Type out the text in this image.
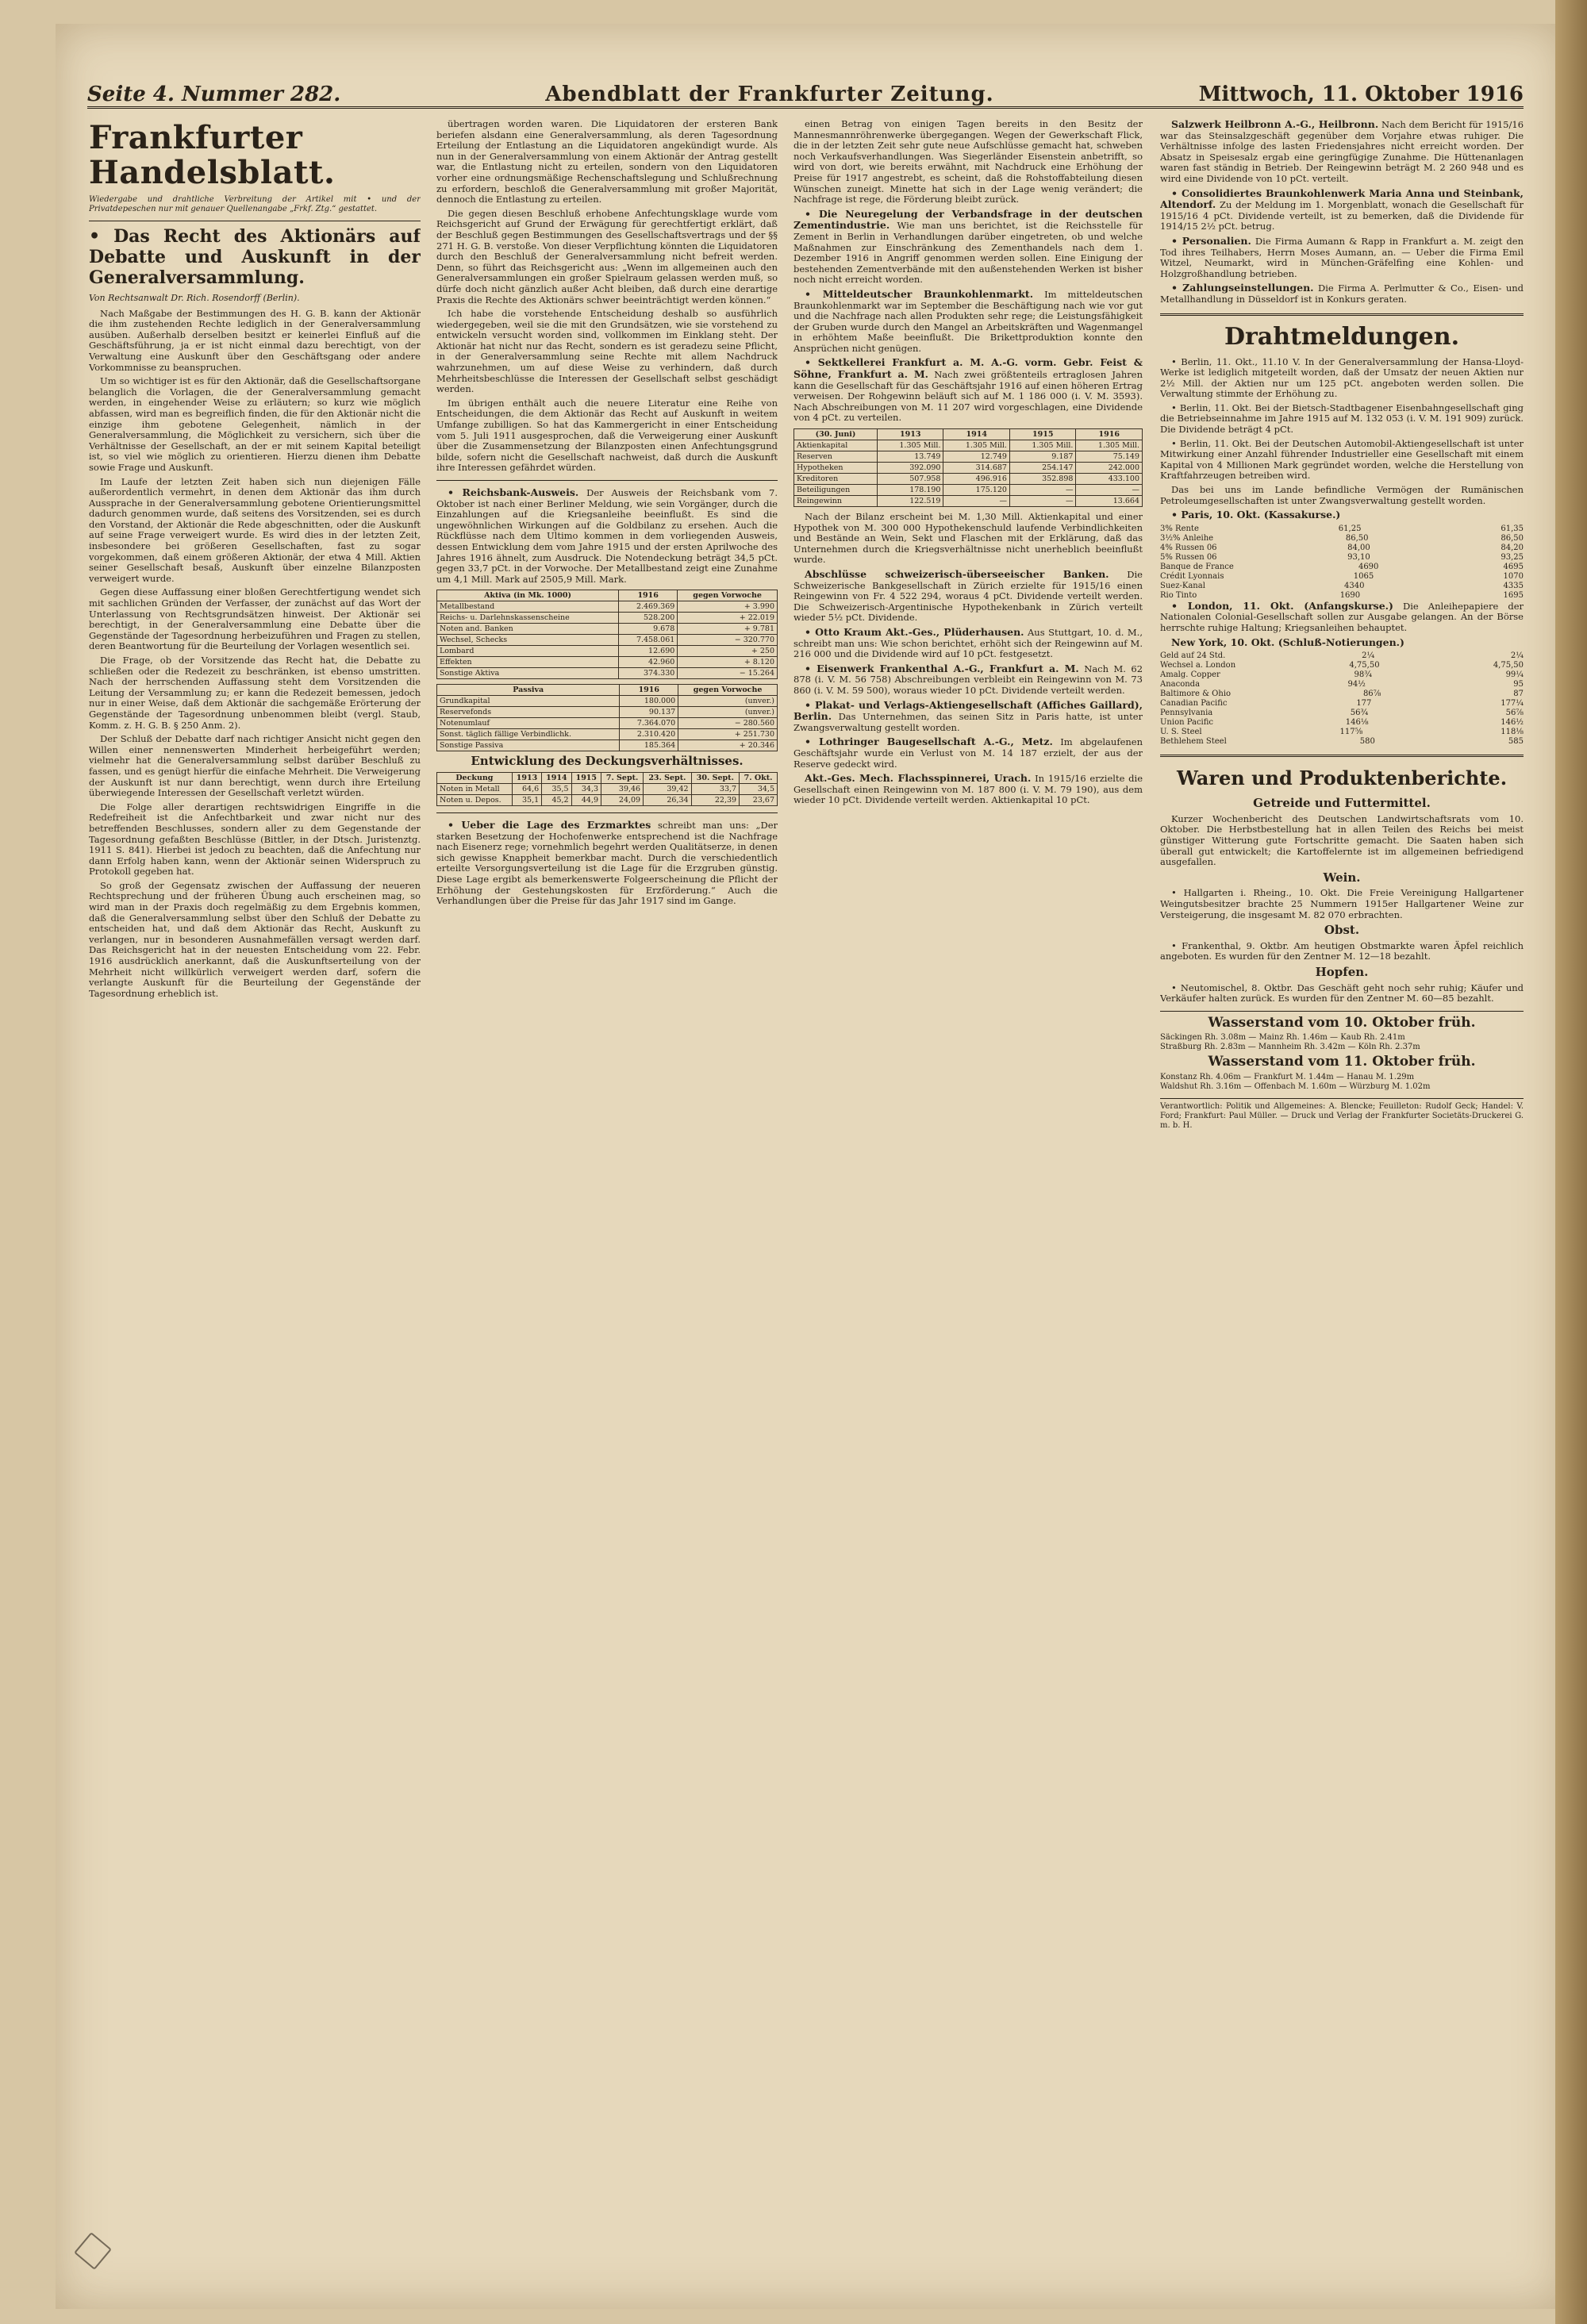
Seite 4. Nummer 282.	Abendblatt der Frankfurter Zeitung.	Mittwoch, 11. Oktober 1916
Frankfurter Handelsblatt.
Wiedergabe und drahtliche Verbreitung der Artikel mit • und der Privatdepeschen nur mit genauer Quellenangabe „Frkf. Ztg.“ gestattet.
• Das Recht des Aktionärs auf Debatte und Auskunft in der Generalversammlung.
Von Rechtsanwalt Dr. Rich. Rosendorff (Berlin).

Nach Maßgabe der Bestimmungen des H. G. B. kann der Aktionär die ihm zustehenden Rechte lediglich in der Generalversammlung ausüben. Außerhalb derselben besitzt er keinerlei Einfluß auf die Geschäftsführung, ja er ist nicht einmal dazu berechtigt, von der Verwaltung eine Auskunft über den Geschäftsgang oder andere Vorkommnisse zu beanspruchen.

Um so wichtiger ist es für den Aktionär, daß die Gesellschaftsorgane belanglich die Vorlagen, die der Generalversammlung gemacht werden, in eingehender Weise zu erläutern; so kurz wie möglich abfassen, wird man es begreiflich finden, die für den Aktionär nicht die einzige ihm gebotene Gelegenheit, nämlich in der Generalversammlung, die Möglichkeit zu versichern, sich über die Verhältnisse der Gesellschaft, an der er mit seinem Kapital beteiligt ist, so viel wie möglich zu orientieren. Hierzu dienen ihm Debatte sowie Frage und Auskunft.

Im Laufe der letzten Zeit haben sich nun diejenigen Fälle außerordentlich vermehrt, in denen dem Aktionär das ihm durch Aussprache in der Generalversammlung gebotene Orientierungsmittel dadurch genommen wurde, daß seitens des Vorsitzenden, sei es durch den Vorstand, der Aktionär die Rede abgeschnitten, oder die Auskunft auf seine Frage verweigert wurde. Es wird dies in der letzten Zeit, insbesondere bei größeren Gesellschaften, fast zu sogar vorgekommen, daß einem größeren Aktionär, der etwa 4 Mill. Aktien seiner Gesellschaft besaß, Auskunft über einzelne Bilanzposten verweigert wurde.

Gegen diese Auffassung einer bloßen Gerechtfertigung wendet sich mit sachlichen Gründen der Verfasser, der zunächst auf das Wort der Unterlassung von Rechtsgrundsätzen hinweist. Der Aktionär sei berechtigt, in der Generalversammlung eine Debatte über die Gegenstände der Tagesordnung herbeizuführen und Fragen zu stellen, deren Beantwortung für die Beurteilung der Vorlagen wesentlich sei.

Die Frage, ob der Vorsitzende das Recht hat, die Debatte zu schließen oder die Redezeit zu beschränken, ist ebenso umstritten. Nach der herrschenden Auffassung steht dem Vorsitzenden die Leitung der Versammlung zu; er kann die Redezeit bemessen, jedoch nur in einer Weise, daß dem Aktionär die sachgemäße Erörterung der Gegenstände der Tagesordnung unbenommen bleibt (vergl. Staub, Komm. z. H. G. B. § 250 Anm. 2).

Der Schluß der Debatte darf nach richtiger Ansicht nicht gegen den Willen einer nennenswerten Minderheit herbeigeführt werden; vielmehr hat die Generalversammlung selbst darüber Beschluß zu fassen, und es genügt hierfür die einfache Mehrheit. Die Verweigerung der Auskunft ist nur dann berechtigt, wenn durch ihre Erteilung überwiegende Interessen der Gesellschaft verletzt würden.

Die Folge aller derartigen rechtswidrigen Eingriffe in die Redefreiheit ist die Anfechtbarkeit und zwar nicht nur des betreffenden Beschlusses, sondern aller zu dem Gegenstande der Tagesordnung gefaßten Beschlüsse (Bittler, in der Dtsch. Juristenztg. 1911 S. 841). Hierbei ist jedoch zu beachten, daß die Anfechtung nur dann Erfolg haben kann, wenn der Aktionär seinen Widerspruch zu Protokoll gegeben hat.

So groß der Gegensatz zwischen der Auffassung der neueren Rechtsprechung und der früheren Übung auch erscheinen mag, so wird man in der Praxis doch regelmäßig zu dem Ergebnis kommen, daß die Generalversammlung selbst über den Schluß der Debatte zu entscheiden hat, und daß dem Aktionär das Recht, Auskunft zu verlangen, nur in besonderen Ausnahmefällen versagt werden darf. Das Reichsgericht hat in der neuesten Entscheidung vom 22. Febr. 1916 ausdrücklich anerkannt, daß die Auskunftserteilung von der Mehrheit nicht willkürlich verweigert werden darf, sofern die verlangte Auskunft für die Beurteilung der Gegenstände der Tagesordnung erheblich ist.

übertragen worden waren. Die Liquidatoren der ersteren Bank beriefen alsdann eine Generalversammlung, als deren Tagesordnung Erteilung der Entlastung an die Liquidatoren angekündigt wurde. Als nun in der Generalversammlung von einem Aktionär der Antrag gestellt war, die Entlastung nicht zu erteilen, sondern von den Liquidatoren vorher eine ordnungsmäßige Rechenschaftslegung und Schlußrechnung zu erfordern, beschloß die Generalversammlung mit großer Majorität, dennoch die Entlastung zu erteilen.

Die gegen diesen Beschluß erhobene Anfechtungsklage wurde vom Reichsgericht auf Grund der Erwägung für gerechtfertigt erklärt, daß der Beschluß gegen Bestimmungen des Gesellschaftsvertrags und der §§ 271 H. G. B. verstoße. Von dieser Verpflichtung könnten die Liquidatoren durch den Beschluß der Generalversammlung nicht befreit werden. Denn, so führt das Reichsgericht aus: „Wenn im allgemeinen auch den Generalversammlungen ein großer Spielraum gelassen werden muß, so dürfe doch nicht gänzlich außer Acht bleiben, daß durch eine derartige Praxis die Rechte des Aktionärs schwer beeinträchtigt werden können.“

Ich habe die vorstehende Entscheidung deshalb so ausführlich wiedergegeben, weil sie die mit den Grundsätzen, wie sie vorstehend zu entwickeln versucht worden sind, vollkommen im Einklang steht. Der Aktionär hat nicht nur das Recht, sondern es ist geradezu seine Pflicht, in der Generalversammlung seine Rechte mit allem Nachdruck wahrzunehmen, um auf diese Weise zu verhindern, daß durch Mehrheitsbeschlüsse die Interessen der Gesellschaft selbst geschädigt werden.

Im übrigen enthält auch die neuere Literatur eine Reihe von Entscheidungen, die dem Aktionär das Recht auf Auskunft in weitem Umfange zubilligen. So hat das Kammergericht in einer Entscheidung vom 5. Juli 1911 ausgesprochen, daß die Verweigerung einer Auskunft über die Zusammensetzung der Bilanzposten einen Anfechtungsgrund bilde, sofern nicht die Gesellschaft nachweist, daß durch die Auskunft ihre Interessen gefährdet würden.

• Reichsbank-Ausweis. Der Ausweis der Reichsbank vom 7. Oktober ist nach einer Berliner Meldung, wie sein Vorgänger, durch die Einzahlungen auf die Kriegsanleihe beeinflußt. Es sind die ungewöhnlichen Wirkungen auf die Goldbilanz zu ersehen. Auch die Rückflüsse nach dem Ultimo kommen in dem vorliegenden Ausweis, dessen Entwicklung dem vom Jahre 1915 und der ersten Aprilwoche des Jahres 1916 ähnelt, zum Ausdruck. Die Notendeckung beträgt 34,5 pCt. gegen 33,7 pCt. in der Vorwoche. Der Metallbestand zeigt eine Zunahme um 4,1 Mill. Mark auf 2505,9 Mill. Mark.

Aktiva (in Mk. 1000)	1916	gegen Vorwoche
Metallbestand	2.469.369	+ 3.990
Reichs- u. Darlehnskassenscheine	528.200	+ 22.019
Noten and. Banken	9.678	+ 9.781
Wechsel, Schecks	7.458.061	− 320.770
Lombard	12.690	+ 250
Effekten	42.960	+ 8.120
Sonstige Aktiva	374.330	− 15.264
Passiva	1916	gegen Vorwoche
Grundkapital	180.000	(unver.)
Reservefonds	90.137	(unver.)
Notenumlauf	7.364.070	− 280.560
Sonst. täglich fällige Verbindlichk.	2.310.420	+ 251.730
Sonstige Passiva	185.364	+ 20.346
Entwicklung des Deckungsverhältnisses.
Deckung	1913	1914	1915	7. Sept.	23. Sept.	30. Sept.	7. Okt.
Noten in Metall	64,6	35,5	34,3	39,46	39,42	33,7	34,5
Noten u. Depos.	35,1	45,2	44,9	24,09	26,34	22,39	23,67

• Ueber die Lage des Erzmarktes schreibt man uns: „Der starken Besetzung der Hochofenwerke entsprechend ist die Nachfrage nach Eisenerz rege; vornehmlich begehrt werden Qualitätserze, in denen sich gewisse Knappheit bemerkbar macht. Durch die verschiedentlich erteilte Versorgungsverteilung ist die Lage für die Erzgruben günstig. Diese Lage ergibt als bemerkenswerte Folgeerscheinung die Pflicht der Erhöhung der Gestehungskosten für Erzförderung.“ Auch die Verhandlungen über die Preise für das Jahr 1917 sind im Gange.

einen Betrag von einigen Tagen bereits in den Besitz der Mannesmannröhrenwerke übergegangen. Wegen der Gewerkschaft Flick, die in der letzten Zeit sehr gute neue Aufschlüsse gemacht hat, schweben noch Verkaufsverhandlungen. Was Siegerländer Eisenstein anbetrifft, so wird von dort, wie bereits erwähnt, mit Nachdruck eine Erhöhung der Preise für 1917 angestrebt, es scheint, daß die Rohstoffabteilung diesen Wünschen zuneigt. Minette hat sich in der Lage wenig verändert; die Nachfrage ist rege, die Förderung bleibt zurück.

• Die Neuregelung der Verbandsfrage in der deutschen Zementindustrie. Wie man uns berichtet, ist die Reichsstelle für Zement in Berlin in Verhandlungen darüber eingetreten, ob und welche Maßnahmen zur Einschränkung des Zementhandels nach dem 1. Dezember 1916 in Angriff genommen werden sollen. Eine Einigung der bestehenden Zementverbände mit den außenstehenden Werken ist bisher noch nicht erreicht worden.

• Mitteldeutscher Braunkohlenmarkt. Im mitteldeutschen Braunkohlenmarkt war im September die Beschäftigung nach wie vor gut und die Nachfrage nach allen Produkten sehr rege; die Leistungsfähigkeit der Gruben wurde durch den Mangel an Arbeitskräften und Wagenmangel in erhöhtem Maße beeinflußt. Die Brikettproduktion konnte den Ansprüchen nicht genügen.

• Sektkellerei Frankfurt a. M. A.-G. vorm. Gebr. Feist & Söhne, Frankfurt a. M. Nach zwei größtenteils ertraglosen Jahren kann die Gesellschaft für das Geschäftsjahr 1916 auf einen höheren Ertrag verweisen. Der Rohgewinn beläuft sich auf M. 1 186 000 (i. V. M. 3593). Nach Abschreibungen von M. 11 207 wird vorgeschlagen, eine Dividende von 4 pCt. zu verteilen.

(30. Juni)	1913	1914	1915	1916
Aktienkapital	1.305 Mill.	1.305 Mill.	1.305 Mill.	1.305 Mill.
Reserven	13.749	12.749	9.187	75.149
Hypotheken	392.090	314.687	254.147	242.000
Kreditoren	507.958	496.916	352.898	433.100
Beteiligungen	178.190	175.120	—	—
Reingewinn	122.519	—	—	13.664

Nach der Bilanz erscheint bei M. 1,30 Mill. Aktienkapital und einer Hypothek von M. 300 000 Hypothekenschuld laufende Verbindlichkeiten und Bestände an Wein, Sekt und Flaschen mit der Erklärung, daß das Unternehmen durch die Kriegsverhältnisse nicht unerheblich beeinflußt wurde.

Abschlüsse schweizerisch-überseeischer Banken. Die Schweizerische Bankgesellschaft in Zürich erzielte für 1915/16 einen Reingewinn von Fr. 4 522 294, woraus 4 pCt. Dividende verteilt werden. Die Schweizerisch-Argentinische Hypothekenbank in Zürich verteilt wieder 5½ pCt. Dividende.

• Otto Kraum Akt.-Ges., Plüderhausen. Aus Stuttgart, 10. d. M., schreibt man uns: Wie schon berichtet, erhöht sich der Reingewinn auf M. 216 000 und die Dividende wird auf 10 pCt. festgesetzt.

• Eisenwerk Frankenthal A.-G., Frankfurt a. M. Nach M. 62 878 (i. V. M. 56 758) Abschreibungen verbleibt ein Reingewinn von M. 73 860 (i. V. M. 59 500), woraus wieder 10 pCt. Dividende verteilt werden.

• Plakat- und Verlags-Aktiengesellschaft (Affiches Gaillard), Berlin. Das Unternehmen, das seinen Sitz in Paris hatte, ist unter Zwangsverwaltung gestellt worden.

• Lothringer Baugesellschaft A.-G., Metz. Im abgelaufenen Geschäftsjahr wurde ein Verlust von M. 14 187 erzielt, der aus der Reserve gedeckt wird.

Akt.-Ges. Mech. Flachsspinnerei, Urach. In 1915/16 erzielte die Gesellschaft einen Reingewinn von M. 187 800 (i. V. M. 79 190), aus dem wieder 10 pCt. Dividende verteilt werden. Aktienkapital 10 pCt.

Salzwerk Heilbronn A.-G., Heilbronn. Nach dem Bericht für 1915/16 war das Steinsalzgeschäft gegenüber dem Vorjahre etwas ruhiger. Die Verhältnisse infolge des lasten Friedensjahres nicht erreicht worden. Der Absatz in Speisesalz ergab eine geringfügige Zunahme. Die Hüttenanlagen waren fast ständig in Betrieb. Der Reingewinn beträgt M. 2 260 948 und es wird eine Dividende von 10 pCt. verteilt.

• Consolidiertes Braunkohlenwerk Maria Anna und Steinbank, Altendorf. Zu der Meldung im 1. Morgenblatt, wonach die Gesellschaft für 1915/16 4 pCt. Dividende verteilt, ist zu bemerken, daß die Dividende für 1914/15 2½ pCt. betrug.

• Personalien. Die Firma Aumann & Rapp in Frankfurt a. M. zeigt den Tod ihres Teilhabers, Herrn Moses Aumann, an. — Ueber die Firma Emil Witzel, Neumarkt, wird in München-Gräfelfing eine Kohlen- und Holzgroßhandlung betrieben.

• Zahlungseinstellungen. Die Firma A. Perlmutter & Co., Eisen- und Metallhandlung in Düsseldorf ist in Konkurs geraten.

Drahtmeldungen.

• Berlin, 11. Okt., 11.10 V. In der Generalversammlung der Hansa-Lloyd-Werke ist lediglich mitgeteilt worden, daß der Umsatz der neuen Aktien nur 2½ Mill. der Aktien nur um 125 pCt. angeboten werden sollen. Die Verwaltung stimmte der Erhöhung zu.

• Berlin, 11. Okt. Bei der Bietsch-Stadtbagener Eisenbahngesellschaft ging die Betriebseinnahme im Jahre 1915 auf M. 132 053 (i. V. M. 191 909) zurück. Die Dividende beträgt 4 pCt.

• Berlin, 11. Okt. Bei der Deutschen Automobil-Aktiengesellschaft ist unter Mitwirkung einer Anzahl führender Industrieller eine Gesellschaft mit einem Kapital von 4 Millionen Mark gegründet worden, welche die Herstellung von Kraftfahrzeugen betreiben wird.

Das bei uns im Lande befindliche Vermögen der Rumänischen Petroleumgesellschaften ist unter Zwangsverwaltung gestellt worden.

• Paris, 10. Okt. (Kassakurse.)

3% Rente	61,25	61,35
3½% Anleihe	86,50	86,50
4% Russen 06	84,00	84,20
5% Russen 06	93,10	93,25
Banque de France	4690	4695
Crédit Lyonnais	1065	1070
Suez-Kanal	4340	4335
Rio Tinto	1690	1695

• London, 11. Okt. (Anfangskurse.) Die Anleihepapiere der Nationalen Colonial-Gesellschaft sollen zur Ausgabe gelangen. An der Börse herrschte ruhige Haltung; Kriegsanleihen behauptet.

New York, 10. Okt. (Schluß-Notierungen.)

Geld auf 24 Std.	2¼	2¼
Wechsel a. London	4,75,50	4,75,50
Amalg. Copper	98¾	99¼
Anaconda	94½	95
Baltimore & Ohio	86⅞	87
Canadian Pacific	177	177¼
Pennsylvania	56¾	56⅞
Union Pacific	146⅛	146½
U. S. Steel	117⅝	118⅛
Bethlehem Steel	580	585
Waren und Produktenberichte.
Getreide und Futtermittel.

Kurzer Wochenbericht des Deutschen Landwirtschaftsrats vom 10. Oktober. Die Herbstbestellung hat in allen Teilen des Reichs bei meist günstiger Witterung gute Fortschritte gemacht. Die Saaten haben sich überall gut entwickelt; die Kartoffelernte ist im allgemeinen befriedigend ausgefallen.

Wein.

• Hallgarten i. Rheing., 10. Okt. Die Freie Vereinigung Hallgartener Weingutsbesitzer brachte 25 Nummern 1915er Hallgartener Weine zur Versteigerung, die insgesamt M. 82 070 erbrachten.

Obst.

• Frankenthal, 9. Oktbr. Am heutigen Obstmarkte waren Äpfel reichlich angeboten. Es wurden für den Zentner M. 12—18 bezahlt.

Hopfen.

• Neutomischel, 8. Oktbr. Das Geschäft geht noch sehr ruhig; Käufer und Verkäufer halten zurück. Es wurden für den Zentner M. 60—85 bezahlt.

Wasserstand vom 10. Oktober früh.
Säckingen Rh. 3.08m — Mainz Rh. 1.46m — Kaub Rh. 2.41m
Straßburg Rh. 2.83m — Mannheim Rh. 3.42m — Köln Rh. 2.37m
Wasserstand vom 11. Oktober früh.
Konstanz Rh. 4.06m — Frankfurt M. 1.44m — Hanau M. 1.29m
Waldshut Rh. 3.16m — Offenbach M. 1.60m — Würzburg M. 1.02m
Verantwortlich: Politik und Allgemeines: A. Blencke; Feuilleton: Rudolf Geck; Handel: V. Ford; Frankfurt: Paul Müller. — Druck und Verlag der Frankfurter Societäts-Druckerei G. m. b. H.
